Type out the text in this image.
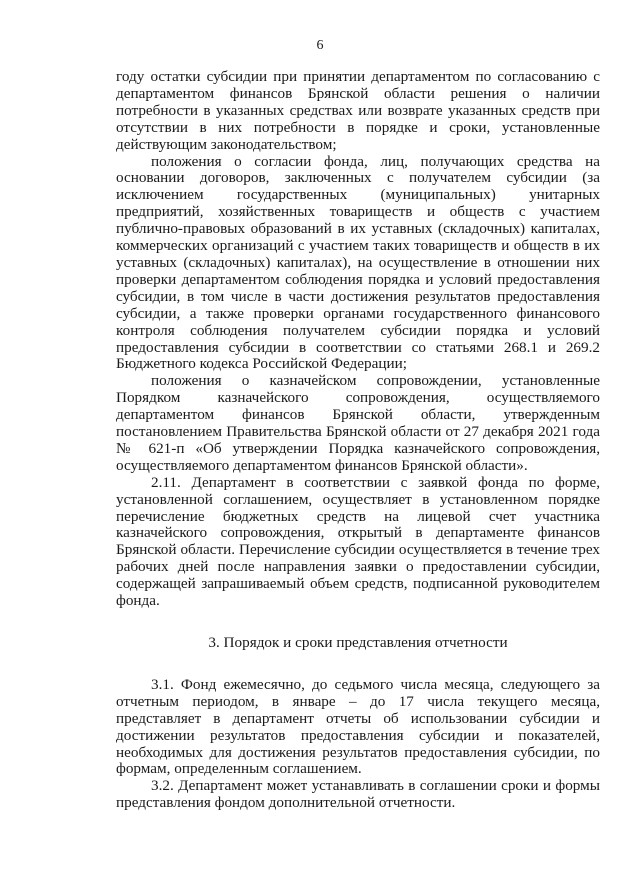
6

году остатки субсидии при принятии департаментом по согласованию с департаментом финансов Брянской области решения о наличии потребности в указанных средствах или возврате указанных средств при отсутствии в них потребности в порядке и сроки, установленные действующим законодательством;

положения о согласии фонда, лиц, получающих средства на основании договоров, заключенных с получателем субсидии (за исключением государственных (муниципальных) унитарных предприятий, хозяйственных товариществ и обществ с участием публично-правовых образований в их уставных (складочных) капиталах, коммерческих организаций с участием таких товариществ и обществ в их уставных (складочных) капиталах), на осуществление в отношении них проверки департаментом соблюдения порядка и условий предоставления субсидии, в том числе в части достижения результатов предоставления субсидии, а также проверки органами государственного финансового контроля соблюдения получателем субсидии порядка и условий предоставления субсидии в соответствии со статьями 268.1 и 269.2 Бюджетного кодекса Российской Федерации;

положения о казначейском сопровождении, установленные Порядком казначейского сопровождения, осуществляемого департаментом финансов Брянской области, утвержденным постановлением Правительства Брянской области от 27 декабря 2021 года № 621-п «Об утверждении Порядка казначейского сопровождения, осуществляемого департаментом финансов Брянской области».

2.11. Департамент в соответствии с заявкой фонда по форме, установленной соглашением, осуществляет в установленном порядке перечисление бюджетных средств на лицевой счет участника казначейского сопровождения, открытый в департаменте финансов Брянской области. Перечисление субсидии осуществляется в течение трех рабочих дней после направления заявки о предоставлении субсидии, содержащей запрашиваемый объем средств, подписанной руководителем фонда.

3. Порядок и сроки представления отчетности

3.1. Фонд ежемесячно, до седьмого числа месяца, следующего за отчетным периодом, в январе – до 17 числа текущего месяца, представляет в департамент отчеты об использовании субсидии и достижении результатов предоставления субсидии и показателей, необходимых для достижения результатов предоставления субсидии, по формам, определенным соглашением.

3.2. Департамент может устанавливать в соглашении сроки и формы представления фондом дополнительной отчетности.
